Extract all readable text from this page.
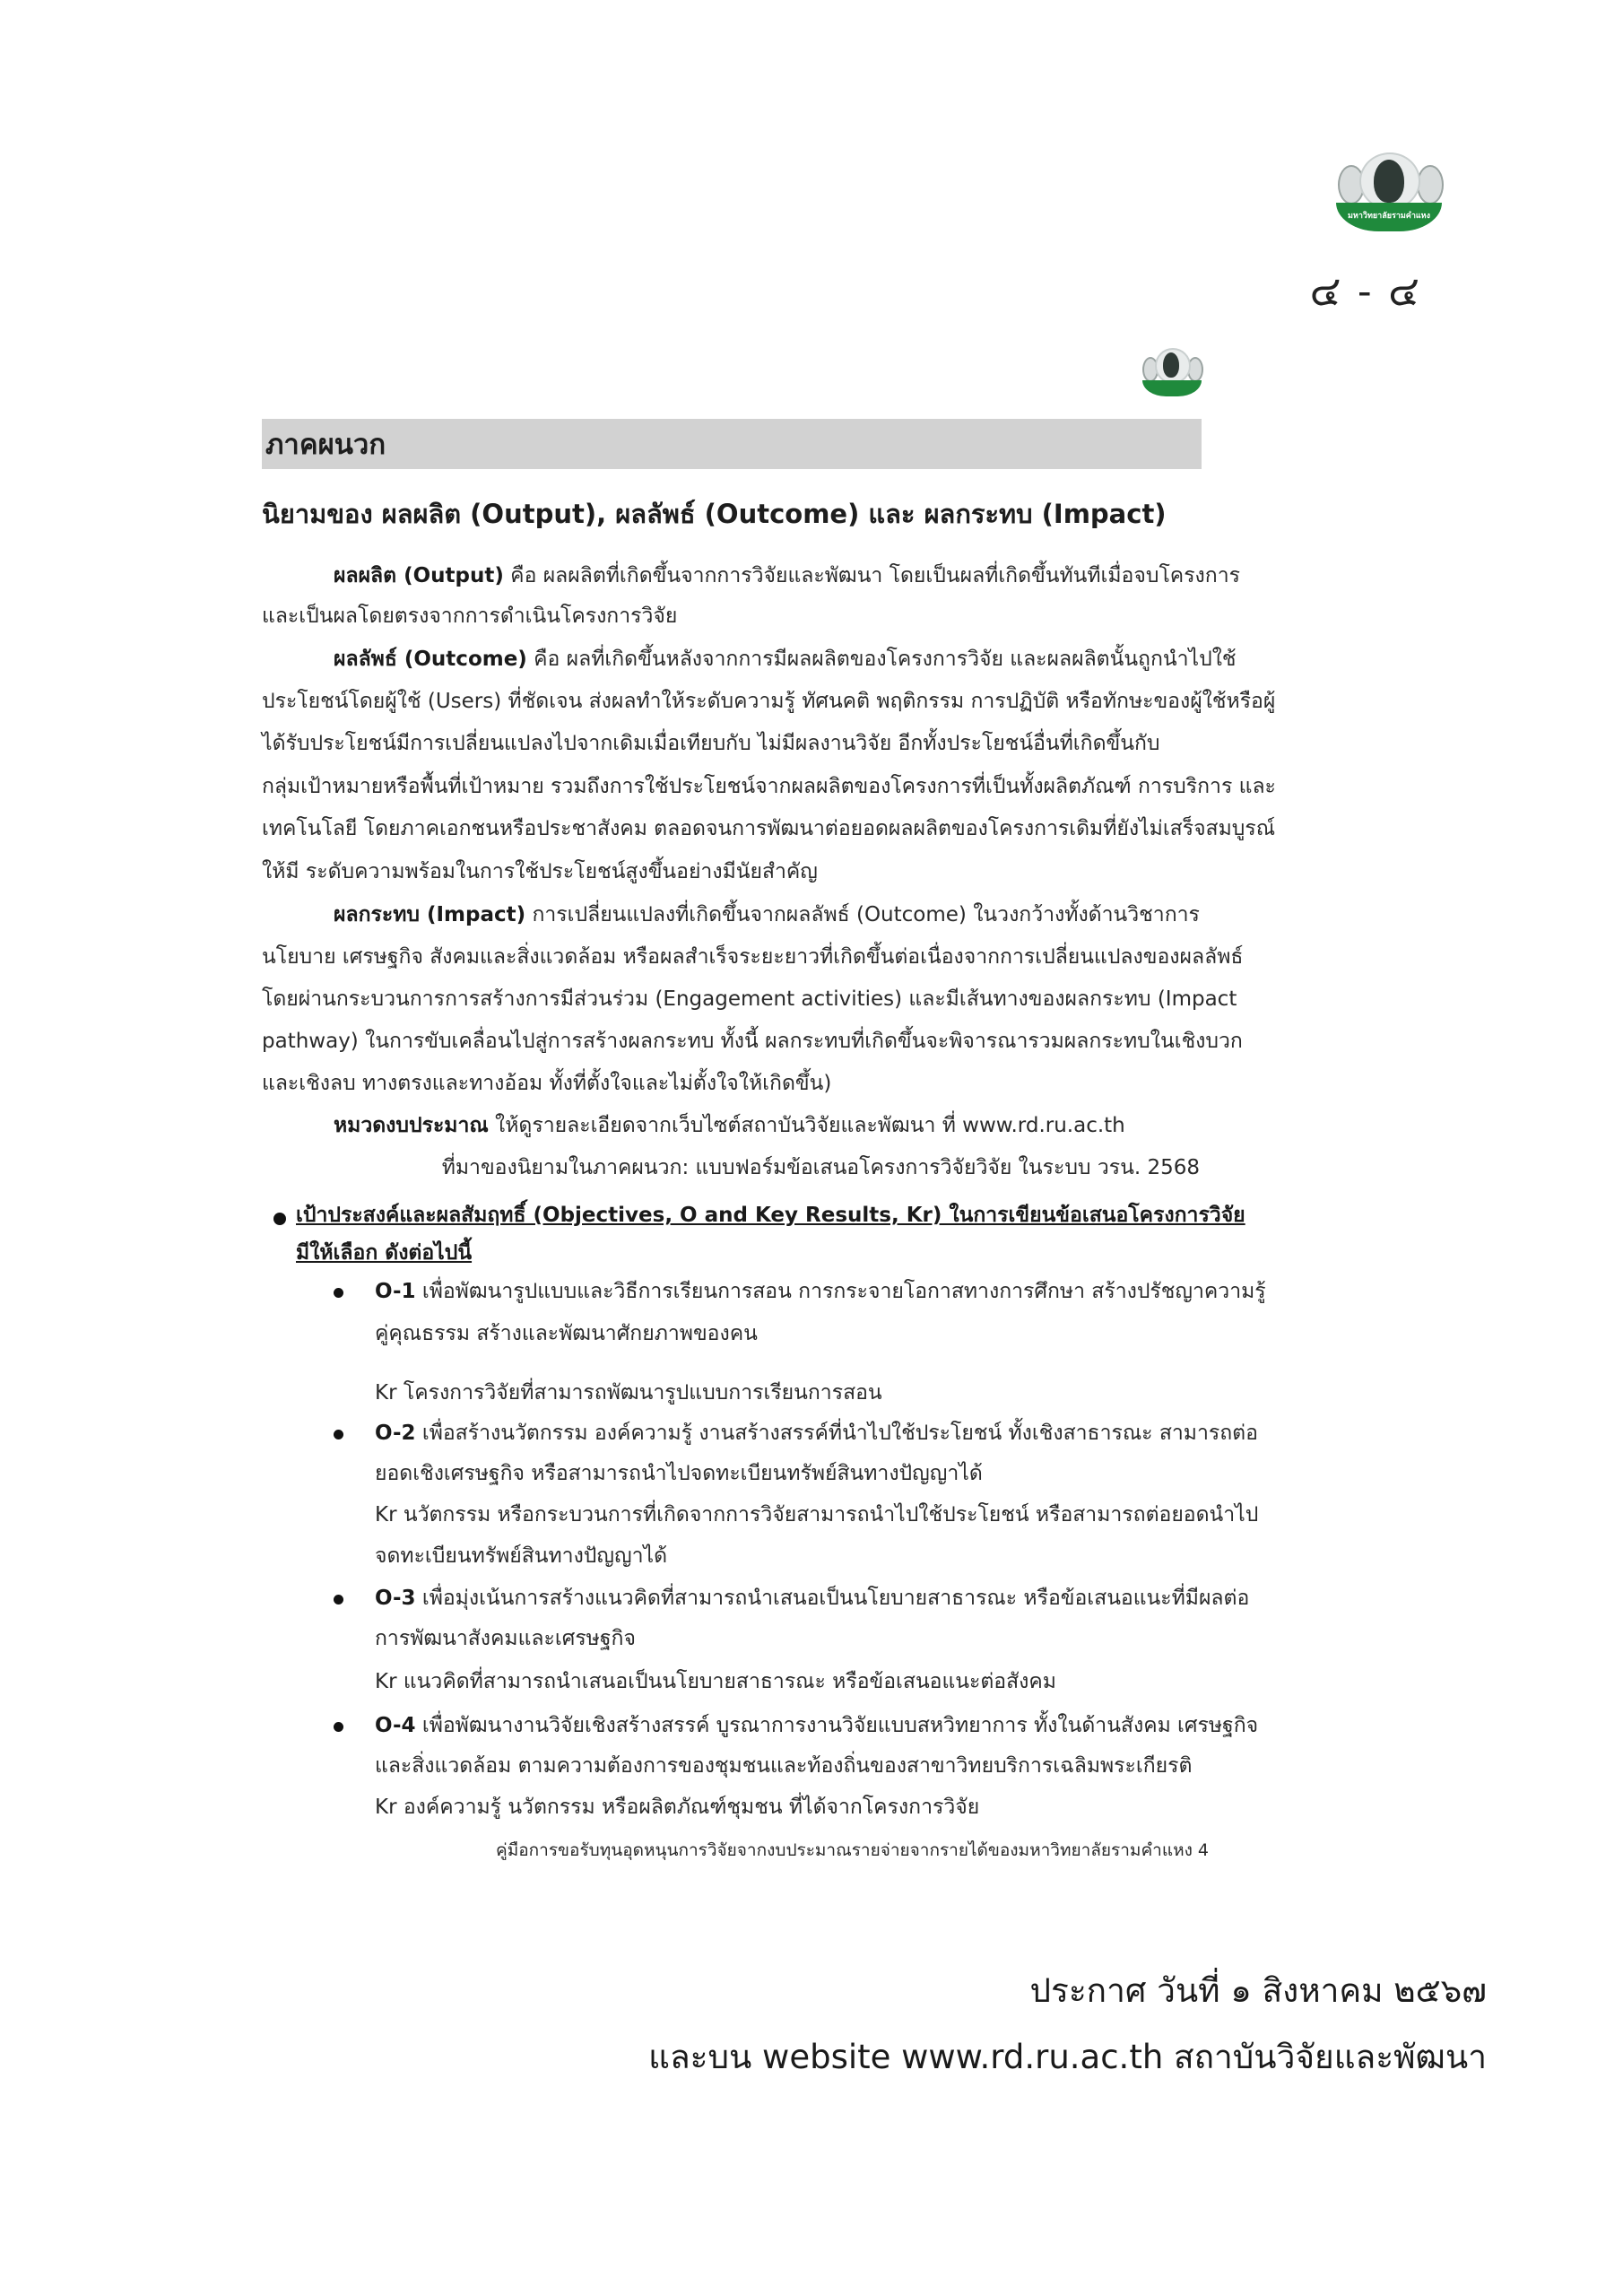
มหาวิทยาลัยรามคำแหง
๔ - ๔
ภาคผนวก
นิยามของ ผลผลิต (Output), ผลลัพธ์ (Outcome) และ ผลกระทบ (Impact)
ผลผลิต (Output) คือ ผลผลิตที่เกิดขึ้นจากการวิจัยและพัฒนา โดยเป็นผลที่เกิดขึ้นทันทีเมื่อจบโครงการ
และเป็นผลโดยตรงจากการดำเนินโครงการวิจัย
ผลลัพธ์ (Outcome) คือ ผลที่เกิดขึ้นหลังจากการมีผลผลิตของโครงการวิจัย และผลผลิตนั้นถูกนำไปใช้
ประโยชน์โดยผู้ใช้ (Users) ที่ชัดเจน ส่งผลทำให้ระดับความรู้ ทัศนคติ พฤติกรรม การปฏิบัติ หรือทักษะของผู้ใช้หรือผู้
ได้รับประโยชน์มีการเปลี่ยนแปลงไปจากเดิมเมื่อเทียบกับ ไม่มีผลงานวิจัย อีกทั้งประโยชน์อื่นที่เกิดขึ้นกับ
กลุ่มเป้าหมายหรือพื้นที่เป้าหมาย รวมถึงการใช้ประโยชน์จากผลผลิตของโครงการที่เป็นทั้งผลิตภัณฑ์ การบริการ และ
เทคโนโลยี โดยภาคเอกชนหรือประชาสังคม ตลอดจนการพัฒนาต่อยอดผลผลิตของโครงการเดิมที่ยังไม่เสร็จสมบูรณ์
ให้มี ระดับความพร้อมในการใช้ประโยชน์สูงขึ้นอย่างมีนัยสำคัญ
ผลกระทบ (Impact) การเปลี่ยนแปลงที่เกิดขึ้นจากผลลัพธ์ (Outcome) ในวงกว้างทั้งด้านวิชาการ
นโยบาย เศรษฐกิจ สังคมและสิ่งแวดล้อม หรือผลสำเร็จระยะยาวที่เกิดขึ้นต่อเนื่องจากการเปลี่ยนแปลงของผลลัพธ์
โดยผ่านกระบวนการการสร้างการมีส่วนร่วม (Engagement activities) และมีเส้นทางของผลกระทบ (Impact
pathway) ในการขับเคลื่อนไปสู่การสร้างผลกระทบ ทั้งนี้ ผลกระทบที่เกิดขึ้นจะพิจารณารวมผลกระทบในเชิงบวก
และเชิงลบ ทางตรงและทางอ้อม ทั้งที่ตั้งใจและไม่ตั้งใจให้เกิดขึ้น)
หมวดงบประมาณ ให้ดูรายละเอียดจากเว็บไซต์สถาบันวิจัยและพัฒนา ที่ www.rd.ru.ac.th
ที่มาของนิยามในภาคผนวก: แบบฟอร์มข้อเสนอโครงการวิจัยวิจัย ในระบบ วรน. 2568
เป้าประสงค์และผลสัมฤทธิ์ (Objectives, O and Key Results, Kr) ในการเขียนข้อเสนอโครงการวิจัย
มีให้เลือก ดังต่อไปนี้
O-1 เพื่อพัฒนารูปแบบและวิธีการเรียนการสอน การกระจายโอกาสทางการศึกษา สร้างปรัชญาความรู้
คู่คุณธรรม สร้างและพัฒนาศักยภาพของคน
Kr โครงการวิจัยที่สามารถพัฒนารูปแบบการเรียนการสอน
O-2 เพื่อสร้างนวัตกรรม องค์ความรู้ งานสร้างสรรค์ที่นำไปใช้ประโยชน์ ทั้งเชิงสาธารณะ สามารถต่อ
ยอดเชิงเศรษฐกิจ หรือสามารถนำไปจดทะเบียนทรัพย์สินทางปัญญาได้
Kr นวัตกรรม หรือกระบวนการที่เกิดจากการวิจัยสามารถนำไปใช้ประโยชน์ หรือสามารถต่อยอดนำไป
จดทะเบียนทรัพย์สินทางปัญญาได้
O-3 เพื่อมุ่งเน้นการสร้างแนวคิดที่สามารถนำเสนอเป็นนโยบายสาธารณะ หรือข้อเสนอแนะที่มีผลต่อ
การพัฒนาสังคมและเศรษฐกิจ
Kr แนวคิดที่สามารถนำเสนอเป็นนโยบายสาธารณะ หรือข้อเสนอแนะต่อสังคม
O-4 เพื่อพัฒนางานวิจัยเชิงสร้างสรรค์ บูรณาการงานวิจัยแบบสหวิทยาการ ทั้งในด้านสังคม เศรษฐกิจ
และสิ่งแวดล้อม ตามความต้องการของชุมชนและท้องถิ่นของสาขาวิทยบริการเฉลิมพระเกียรติ
Kr องค์ความรู้ นวัตกรรม หรือผลิตภัณฑ์ชุมชน ที่ได้จากโครงการวิจัย
คู่มือการขอรับทุนอุดหนุนการวิจัยจากงบประมาณรายจ่ายจากรายได้ของมหาวิทยาลัยรามคำแหง 4
ประกาศ วันที่ ๑ สิงหาคม ๒๕๖๗
และบน website www.rd.ru.ac.th สถาบันวิจัยและพัฒนา
